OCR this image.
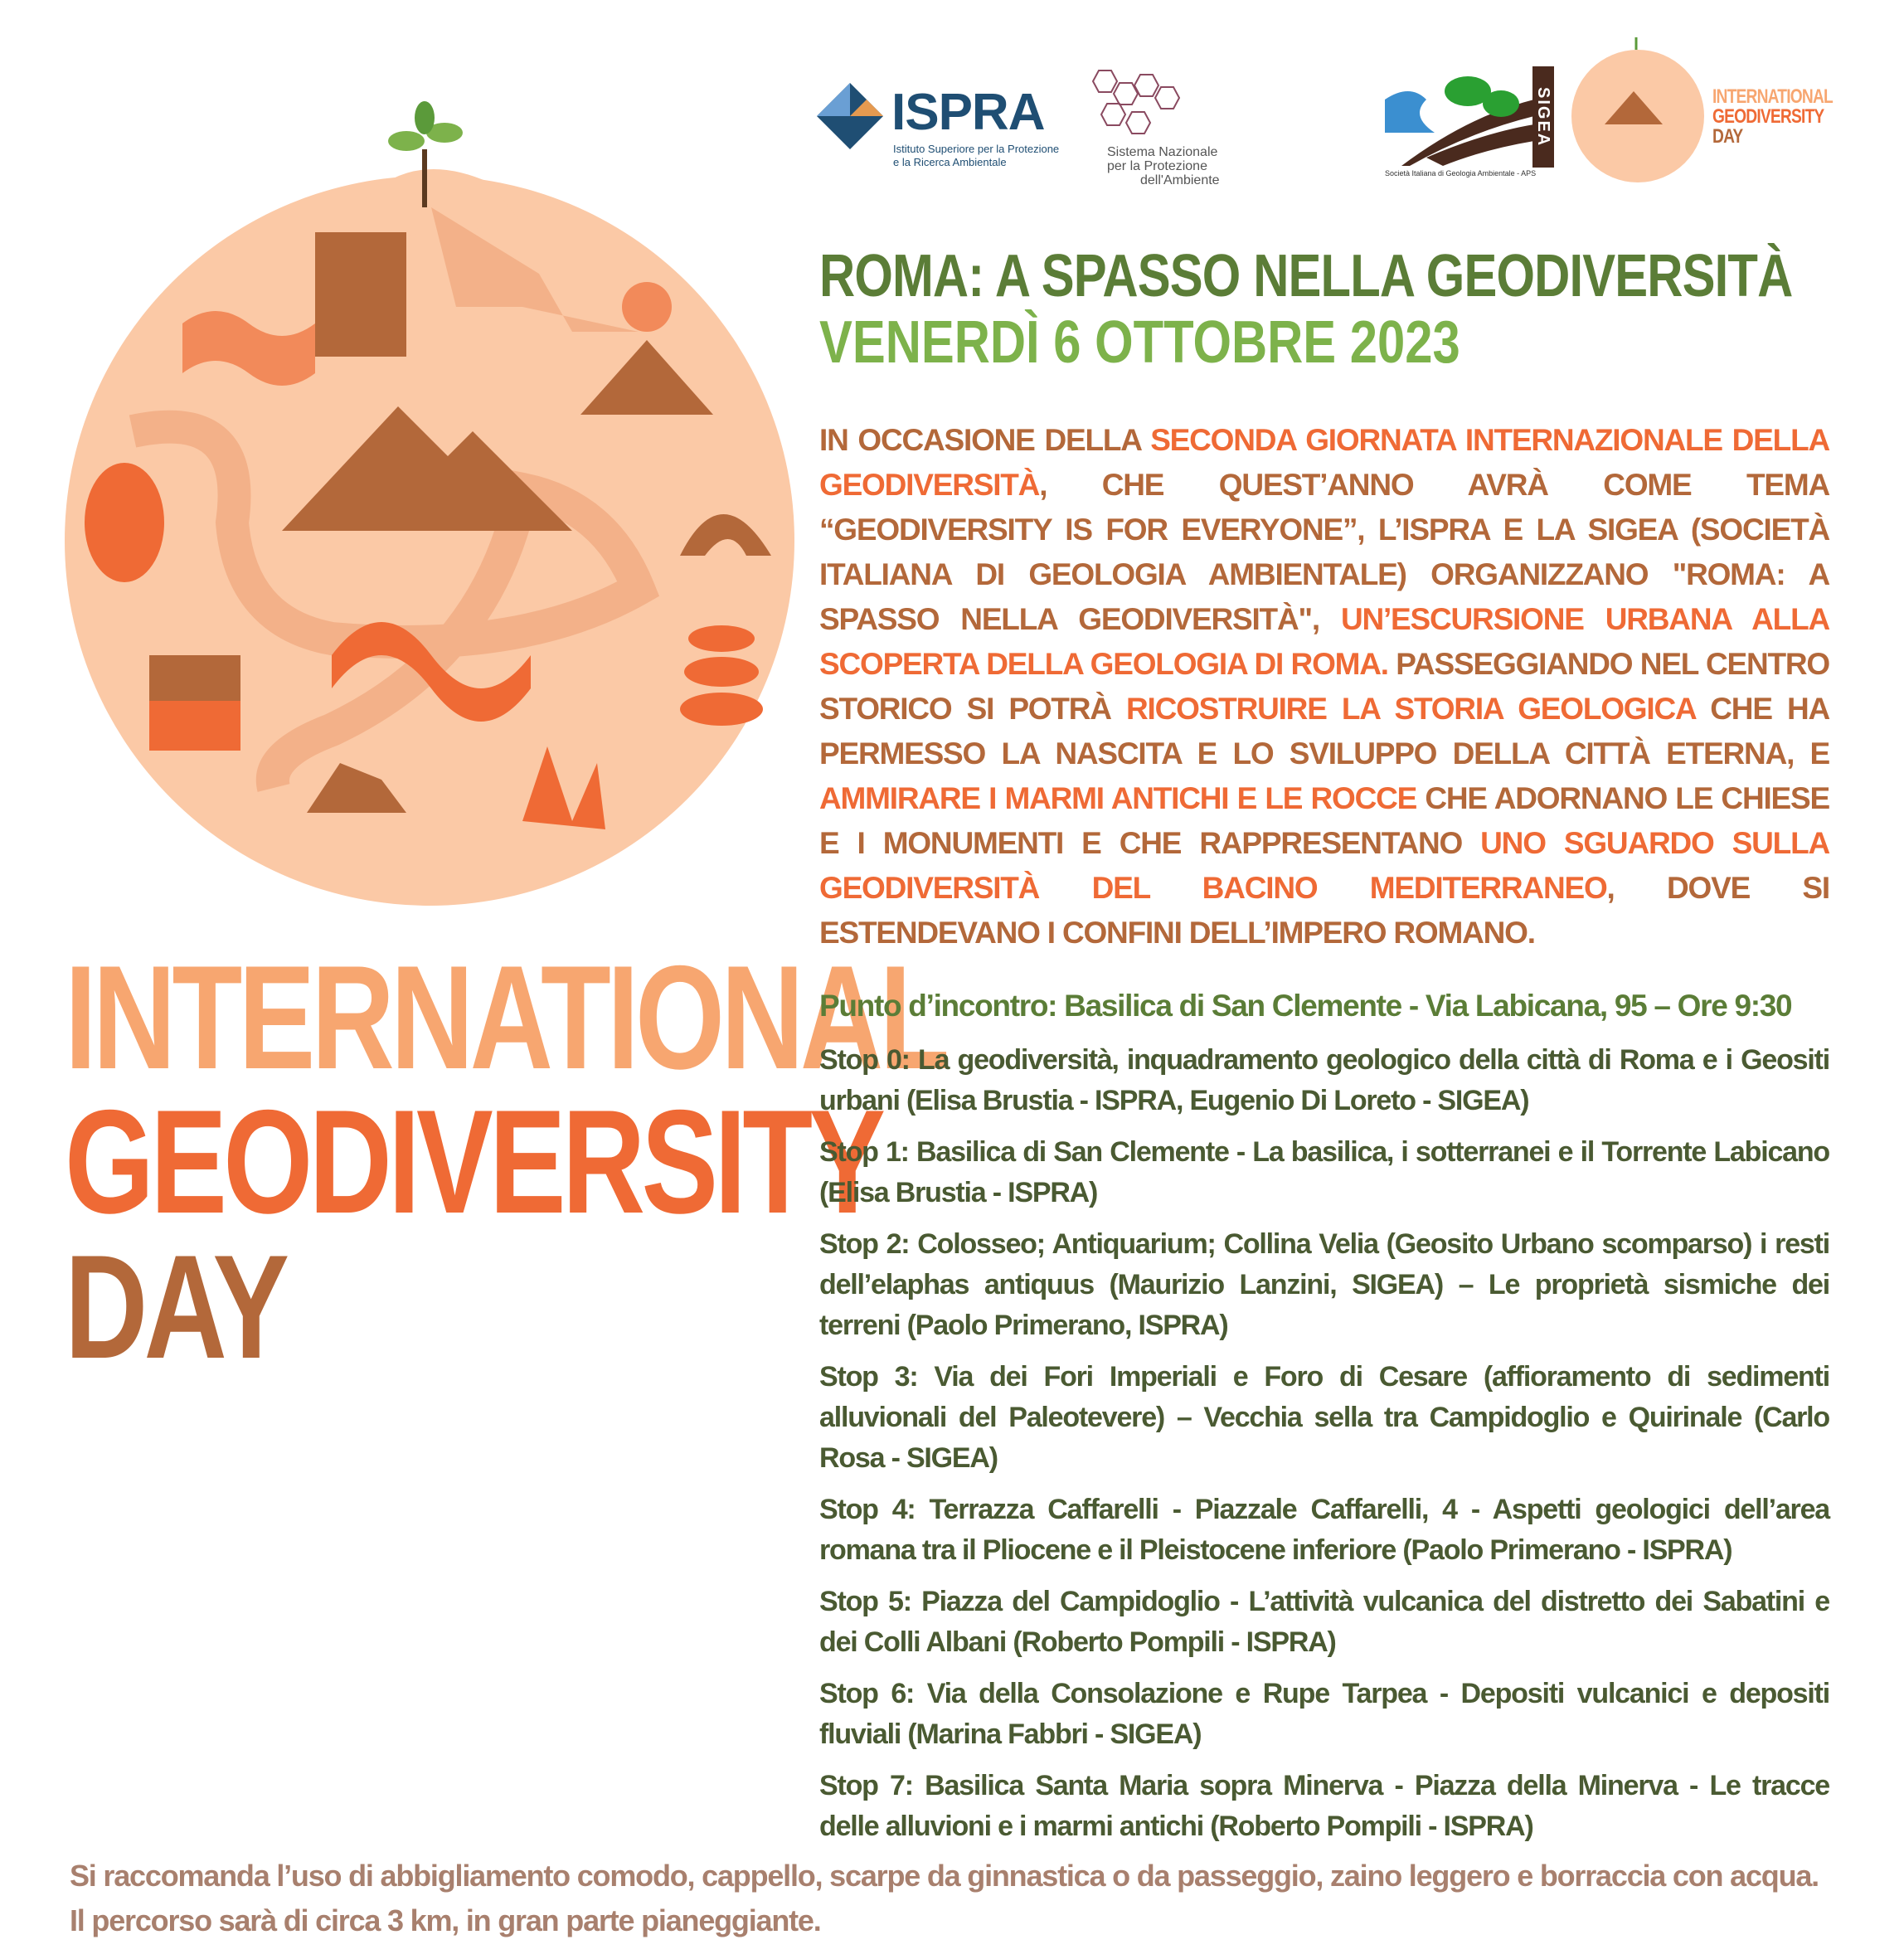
INTERNATIONAL
GEODIVERSITY
DAY
ISPRA
Istituto Superiore per la Protezione
e la Ricerca Ambientale
Sistema Nazionale
per la Protezione
dell'Ambiente
SIGEA
Società Italiana di Geologia Ambientale - APS
INTERNATIONAL
GEODIVERSITY
DAY
ROMA: A SPASSO NELLA GEODIVERSITÀ
VENERDÌ 6 OTTOBRE 2023
IN OCCASIONE DELLA SECONDA GIORNATA INTERNAZIONALE DELLA GEODIVERSITÀ, CHE QUEST’ANNO AVRÀ COME TEMA “GEODIVERSITY IS FOR EVERYONE”, L’ISPRA E LA SIGEA (SOCIETÀ ITALIANA DI GEOLOGIA AMBIENTALE) ORGANIZZANO "ROMA: A SPASSO NELLA GEODIVERSITÀ", UN’ESCURSIONE URBANA ALLA SCOPERTA DELLA GEOLOGIA DI ROMA. PASSEGGIANDO NEL CENTRO STORICO SI POTRÀ RICOSTRUIRE LA STORIA GEOLOGICA CHE HA PERMESSO LA NASCITA E LO SVILUPPO DELLA CITTÀ ETERNA, E AMMIRARE I MARMI ANTICHI E LE ROCCE CHE ADORNANO LE CHIESE E I MONUMENTI E CHE RAPPRESENTANO UNO SGUARDO SULLA GEODIVERSITÀ DEL BACINO MEDITERRANEO, DOVE SI ESTENDEVANO I CONFINI DELL’IMPERO ROMANO.
Punto d’incontro: Basilica di San Clemente - Via Labicana, 95 – Ore 9:30
Stop 0: La geodiversità, inquadramento geologico della città di Roma e i Geositi urbani (Elisa Brustia - ISPRA, Eugenio Di Loreto - SIGEA)
Stop 1: Basilica di San Clemente - La basilica, i sotterranei e il Torrente Labicano (Elisa Brustia - ISPRA)
Stop 2: Colosseo; Antiquarium; Collina Velia (Geosito Urbano scomparso) i resti dell’elaphas antiquus (Maurizio Lanzini, SIGEA) – Le proprietà sismiche dei terreni (Paolo Primerano, ISPRA)
Stop 3: Via dei Fori Imperiali e Foro di Cesare (affioramento di sedimenti alluvionali del Paleotevere) – Vecchia sella tra Campidoglio e Quirinale (Carlo Rosa - SIGEA)
Stop 4: Terrazza Caffarelli - Piazzale Caffarelli, 4 - Aspetti geologici dell’area romana tra il Pliocene e il Pleistocene inferiore (Paolo Primerano - ISPRA)
Stop 5: Piazza del Campidoglio - L’attività vulcanica del distretto dei Sabatini e dei Colli Albani (Roberto Pompili - ISPRA)
Stop 6: Via della Consolazione e Rupe Tarpea - Depositi vulcanici e depositi fluviali (Marina Fabbri - SIGEA)
Stop 7: Basilica Santa Maria sopra Minerva - Piazza della Minerva - Le tracce delle alluvioni e i marmi antichi (Roberto Pompili - ISPRA)
Si raccomanda l’uso di abbigliamento comodo, cappello, scarpe da ginnastica o da passeggio, zaino leggero e borraccia con acqua.
Il percorso sarà di circa 3 km, in gran parte pianeggiante.
